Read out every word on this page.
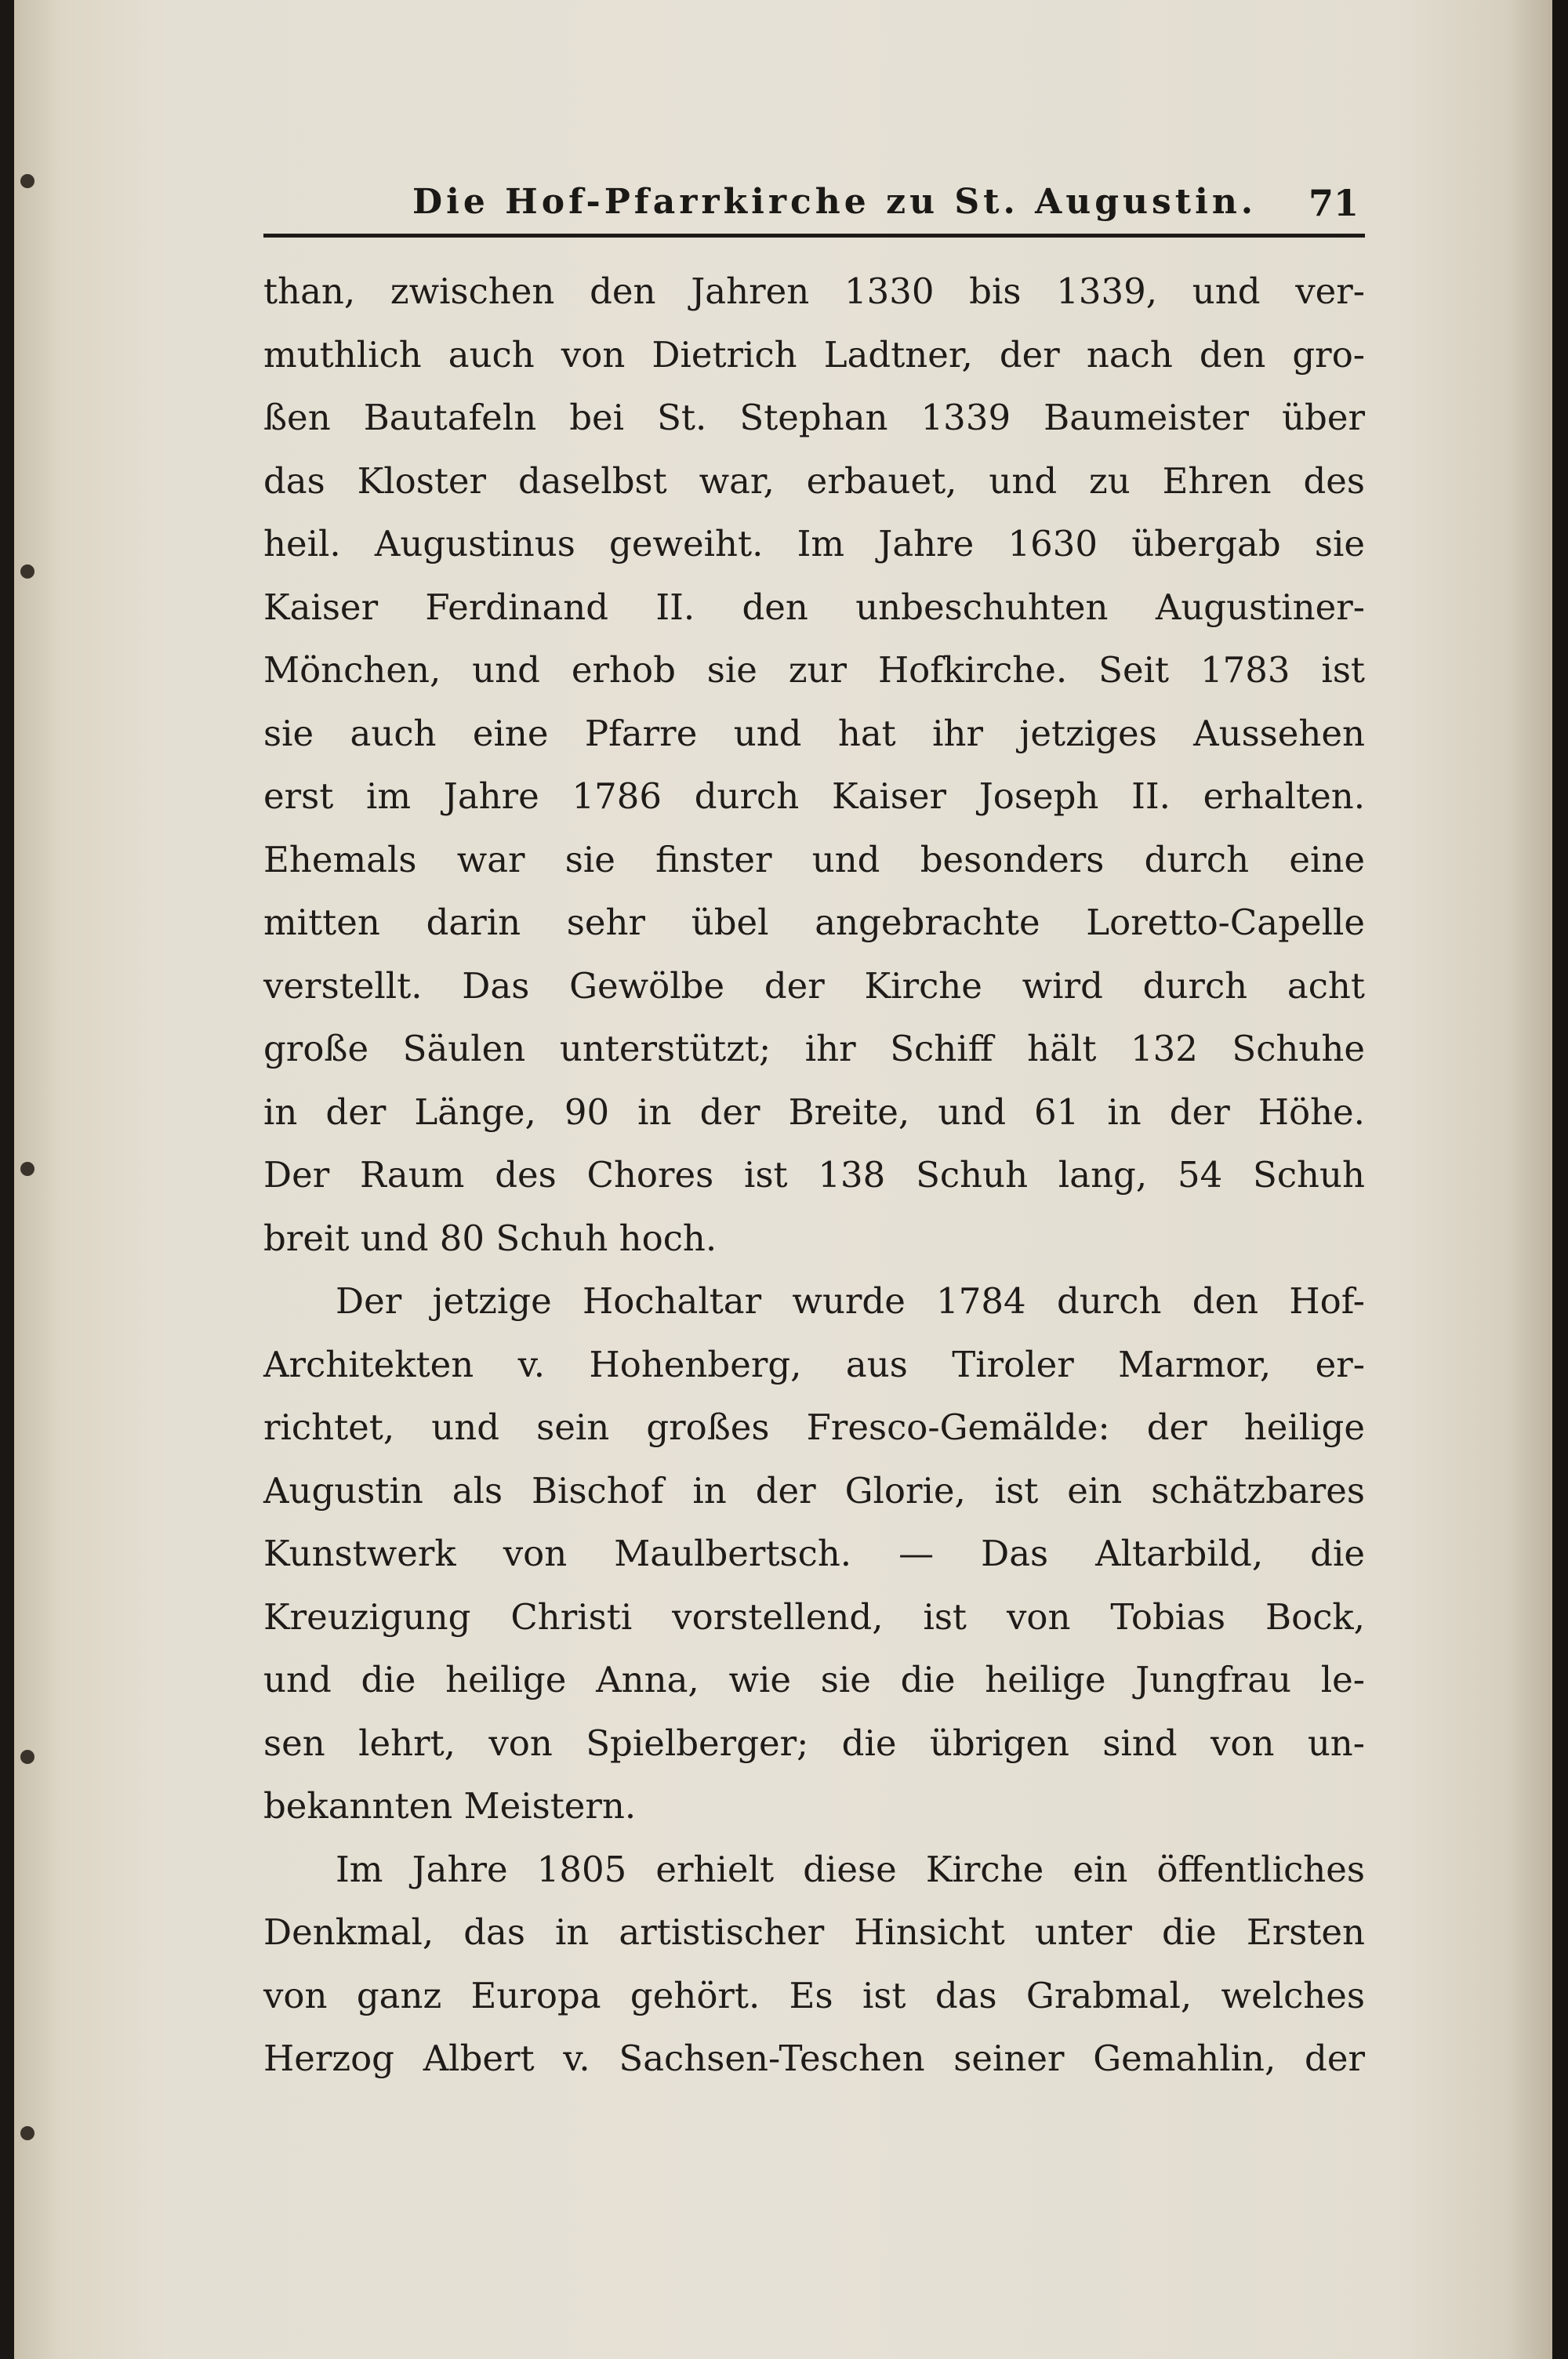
Die Hof-Pfarrkirche zu St. Augustin. 71
than, zwischen den Jahren 1330 bis 1339, und ver-
muthlich auch von Dietrich Ladtner, der nach den gro-
ßen Bautafeln bei St. Stephan 1339 Baumeister über
das Kloster daselbst war, erbauet, und zu Ehren des
heil. Augustinus geweiht. Im Jahre 1630 übergab sie
Kaiser Ferdinand II. den unbeschuhten Augustiner-
Mönchen, und erhob sie zur Hofkirche. Seit 1783 ist
sie auch eine Pfarre und hat ihr jetziges Aussehen
erst im Jahre 1786 durch Kaiser Joseph II. erhalten.
Ehemals war sie finster und besonders durch eine
mitten darin sehr übel angebrachte Loretto-Capelle
verstellt. Das Gewölbe der Kirche wird durch acht
große Säulen unterstützt; ihr Schiff hält 132 Schuhe
in der Länge, 90 in der Breite, und 61 in der Höhe.
Der Raum des Chores ist 138 Schuh lang, 54 Schuh
breit und 80 Schuh hoch.
Der jetzige Hochaltar wurde 1784 durch den Hof-
Architekten v. Hohenberg, aus Tiroler Marmor, er-
richtet, und sein großes Fresco-Gemälde: der heilige
Augustin als Bischof in der Glorie, ist ein schätzbares
Kunstwerk von Maulbertsch. — Das Altarbild, die
Kreuzigung Christi vorstellend, ist von Tobias Bock,
und die heilige Anna, wie sie die heilige Jungfrau le-
sen lehrt, von Spielberger; die übrigen sind von un-
bekannten Meistern.
Im Jahre 1805 erhielt diese Kirche ein öffentliches
Denkmal, das in artistischer Hinsicht unter die Ersten
von ganz Europa gehört. Es ist das Grabmal, welches
Herzog Albert v. Sachsen-Teschen seiner Gemahlin, der
